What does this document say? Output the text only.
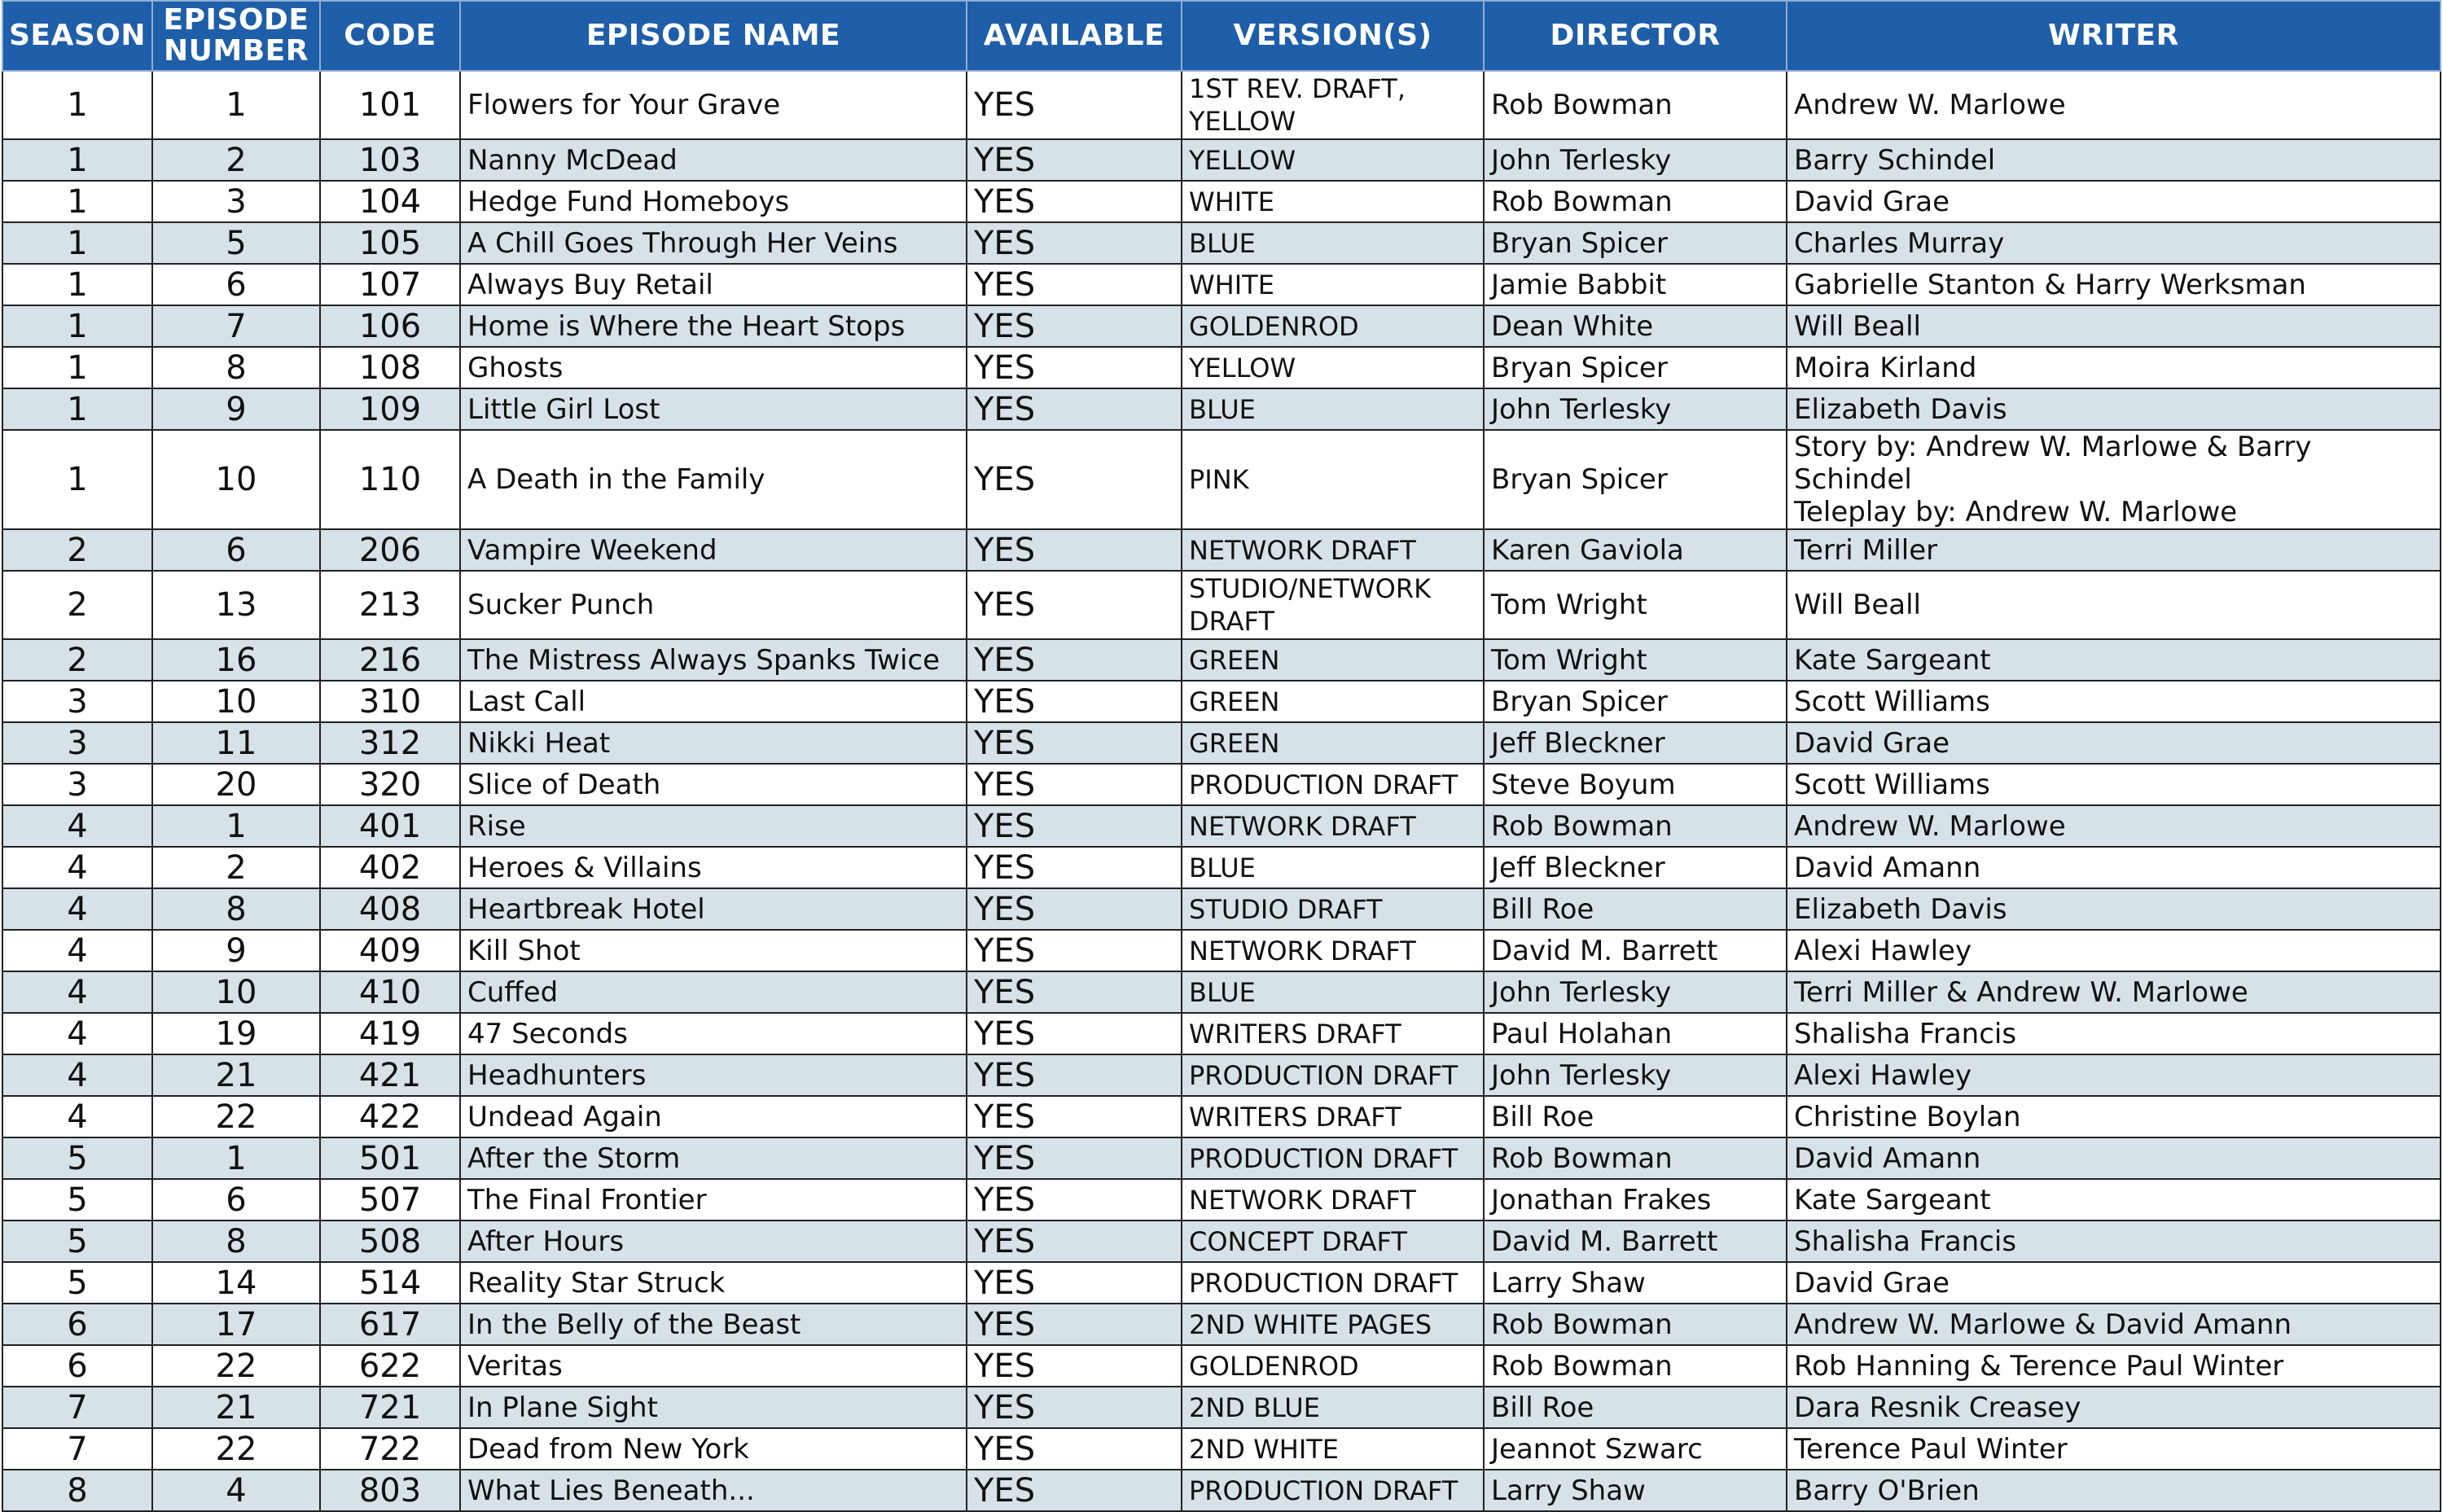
SEASON	EPISODE NUMBER	CODE	EPISODE NAME	AVAILABLE	VERSION(S)	DIRECTOR	WRITER
1	1	101	Flowers for Your Grave	YES	1ST REV. DRAFT,
YELLOW	Rob Bowman	Andrew W. Marlowe

1	2	103	Nanny McDead	YES	YELLOW	John Terlesky	Barry Schindel

1	3	104	Hedge Fund Homeboys	YES	WHITE	Rob Bowman	David Grae

1	5	105	A Chill Goes Through Her Veins	YES	BLUE	Bryan Spicer	Charles Murray

1	6	107	Always Buy Retail	YES	WHITE	Jamie Babbit	Gabrielle Stanton & Harry Werksman

1	7	106	Home is Where the Heart Stops	YES	GOLDENROD	Dean White	Will Beall

1	8	108	Ghosts	YES	YELLOW	Bryan Spicer	Moira Kirland

1	9	109	Little Girl Lost	YES	BLUE	John Terlesky	Elizabeth Davis

1	10	110	A Death in the Family	YES	PINK	Bryan Spicer	Story by: Andrew W. Marlowe & Barry Schindel
Teleplay by: Andrew W. Marlowe

2	6	206	Vampire Weekend	YES	NETWORK DRAFT	Karen Gaviola	Terri Miller

2	13	213	Sucker Punch	YES	STUDIO/NETWORK
DRAFT	Tom Wright	Will Beall

2	16	216	The Mistress Always Spanks Twice	YES	GREEN	Tom Wright	Kate Sargeant

3	10	310	Last Call	YES	GREEN	Bryan Spicer	Scott Williams

3	11	312	Nikki Heat	YES	GREEN	Jeff Bleckner	David Grae

3	20	320	Slice of Death	YES	PRODUCTION DRAFT	Steve Boyum	Scott Williams

4	1	401	Rise	YES	NETWORK DRAFT	Rob Bowman	Andrew W. Marlowe

4	2	402	Heroes & Villains	YES	BLUE	Jeff Bleckner	David Amann

4	8	408	Heartbreak Hotel	YES	STUDIO DRAFT	Bill Roe	Elizabeth Davis

4	9	409	Kill Shot	YES	NETWORK DRAFT	David M. Barrett	Alexi Hawley

4	10	410	Cuffed	YES	BLUE	John Terlesky	Terri Miller & Andrew W. Marlowe

4	19	419	47 Seconds	YES	WRITERS DRAFT	Paul Holahan	Shalisha Francis

4	21	421	Headhunters	YES	PRODUCTION DRAFT	John Terlesky	Alexi Hawley

4	22	422	Undead Again	YES	WRITERS DRAFT	Bill Roe	Christine Boylan

5	1	501	After the Storm	YES	PRODUCTION DRAFT	Rob Bowman	David Amann

5	6	507	The Final Frontier	YES	NETWORK DRAFT	Jonathan Frakes	Kate Sargeant

5	8	508	After Hours	YES	CONCEPT DRAFT	David M. Barrett	Shalisha Francis

5	14	514	Reality Star Struck	YES	PRODUCTION DRAFT	Larry Shaw	David Grae

6	17	617	In the Belly of the Beast	YES	2ND WHITE PAGES	Rob Bowman	Andrew W. Marlowe & David Amann

6	22	622	Veritas	YES	GOLDENROD	Rob Bowman	Rob Hanning & Terence Paul Winter

7	21	721	In Plane Sight	YES	2ND BLUE	Bill Roe	Dara Resnik Creasey

7	22	722	Dead from New York	YES	2ND WHITE	Jeannot Szwarc	Terence Paul Winter

8	4	803	What Lies Beneath...	YES	PRODUCTION DRAFT	Larry Shaw	Barry O'Brien
